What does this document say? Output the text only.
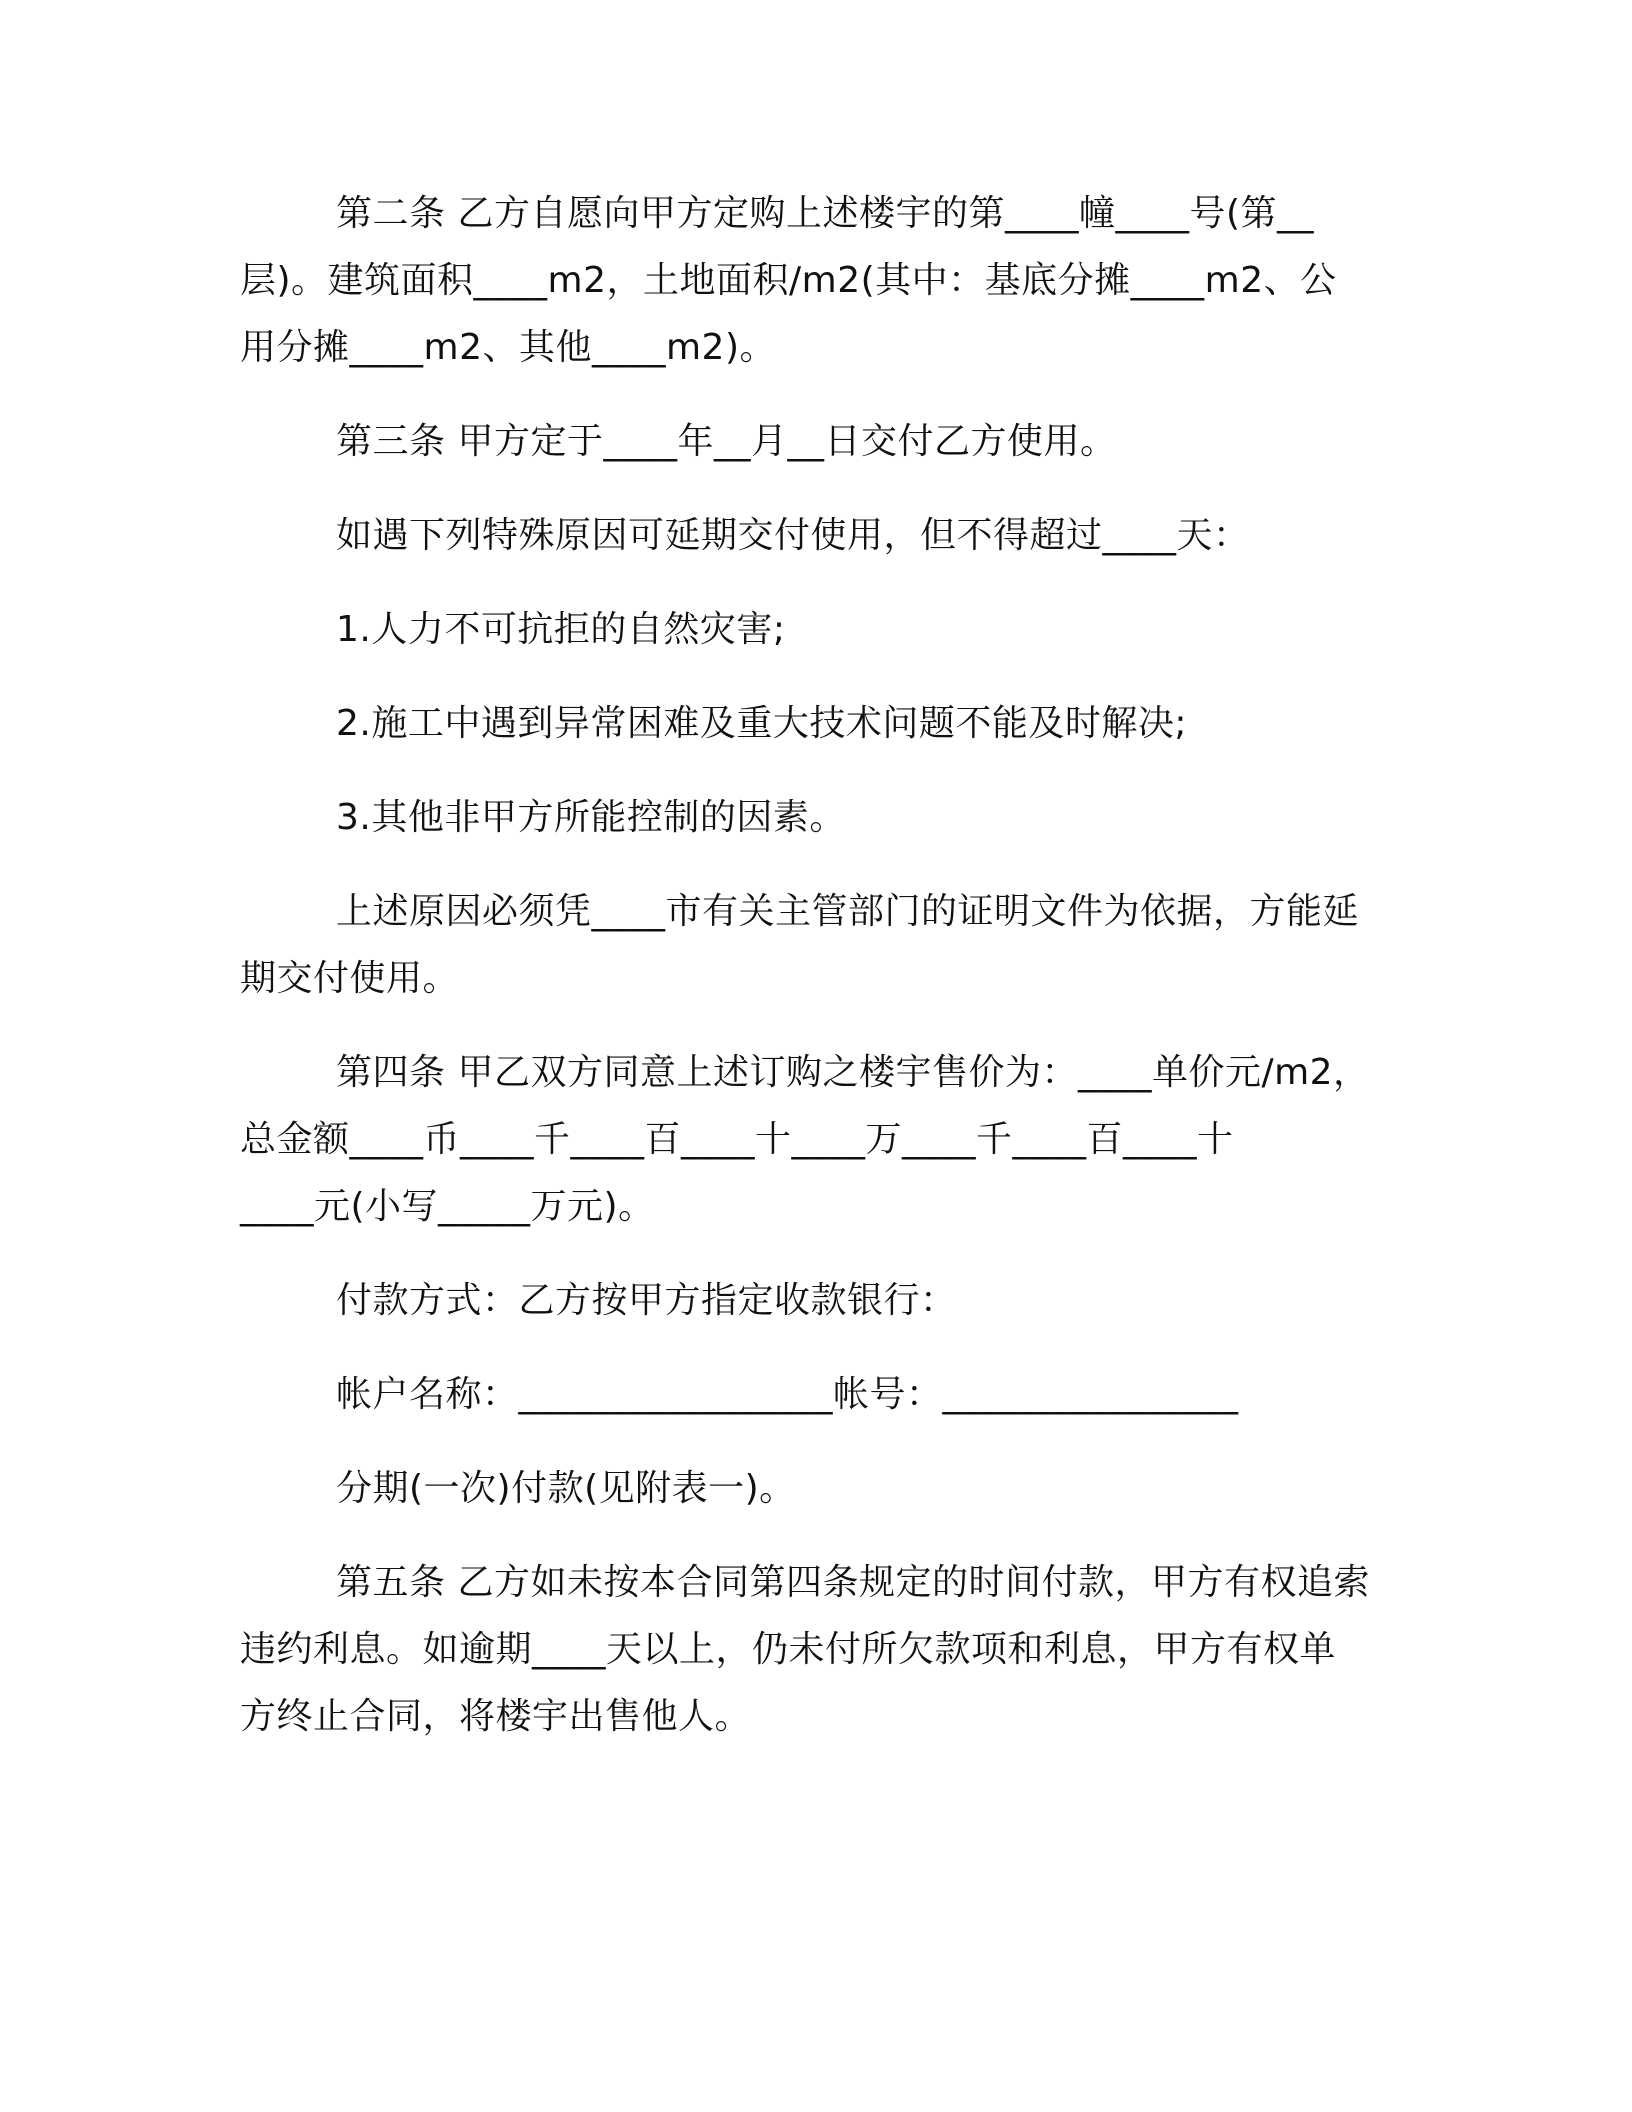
第二条 乙方自愿向甲方定购上述楼宇的第____幢____号(第__
层)。建筑面积____m2，土地面积/m2(其中：基底分摊____m2、公
用分摊____m2、其他____m2)。

第三条 甲方定于____年__月__日交付乙方使用。

如遇下列特殊原因可延期交付使用，但不得超过____天：

1.人力不可抗拒的自然灾害;

2.施工中遇到异常困难及重大技术问题不能及时解决;

3.其他非甲方所能控制的因素。

上述原因必须凭____市有关主管部门的证明文件为依据，方能延
期交付使用。

第四条 甲乙双方同意上述订购之楼宇售价为：____单价元/m2，
总金额____币____千____百____十____万____千____百____十
____元(小写_____万元)。

付款方式：乙方按甲方指定收款银行：

帐户名称：_________________帐号：________________

分期(一次)付款(见附表一)。

第五条 乙方如未按本合同第四条规定的时间付款，甲方有权追索
违约利息。如逾期____天以上，仍未付所欠款项和利息，甲方有权单
方终止合同，将楼宇出售他人。
